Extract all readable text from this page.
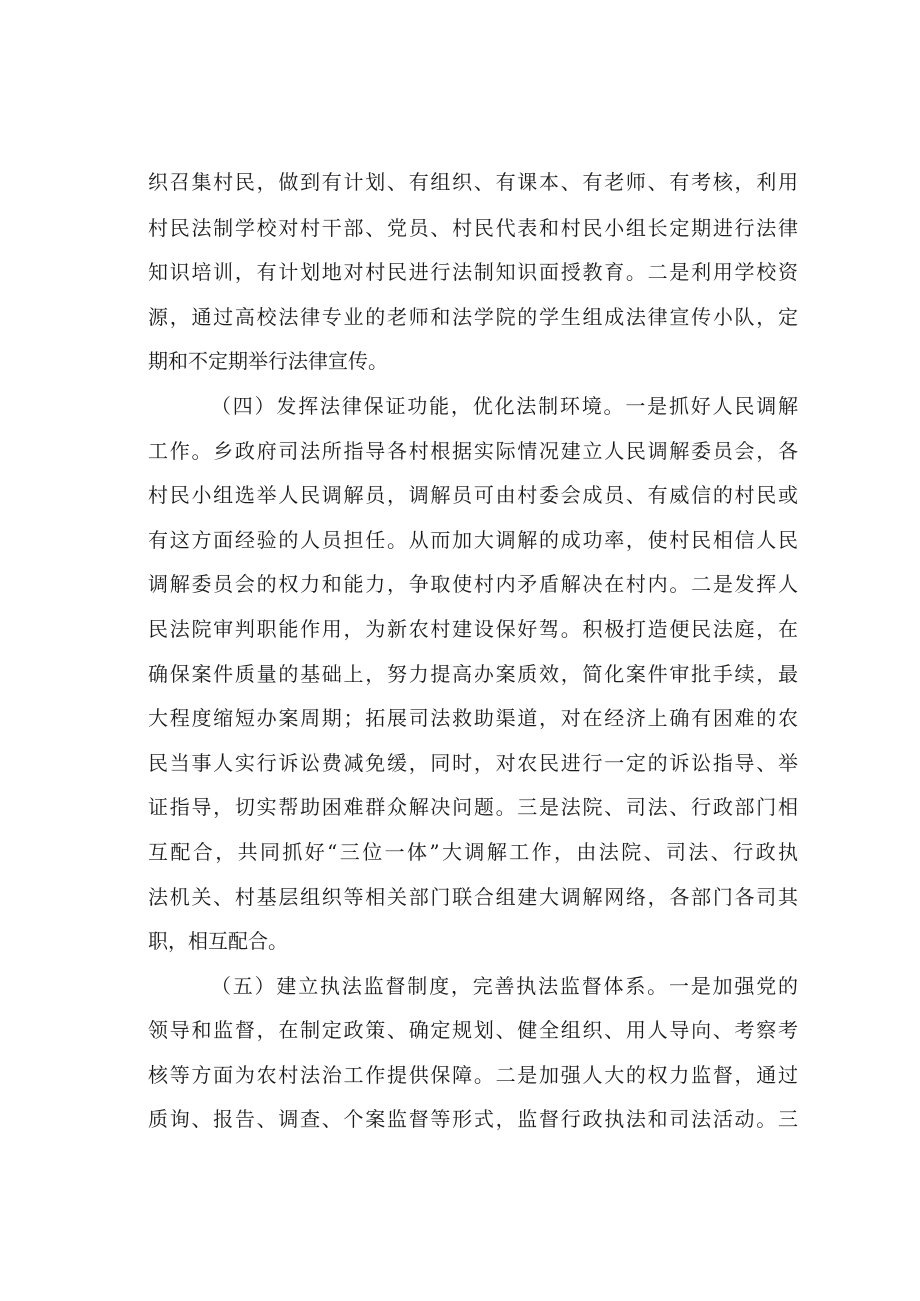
织召集村民，做到有计划、有组织、有课本、有老师、有考核，利用
村民法制学校对村干部、党员、村民代表和村民小组长定期进行法律
知识培训，有计划地对村民进行法制知识面授教育。二是利用学校资
源，通过高校法律专业的老师和法学院的学生组成法律宣传小队，定
期和不定期举行法律宣传。
（四）发挥法律保证功能，优化法制环境。一是抓好人民调解
工作。乡政府司法所指导各村根据实际情况建立人民调解委员会，各
村民小组选举人民调解员，调解员可由村委会成员、有威信的村民或
有这方面经验的人员担任。从而加大调解的成功率，使村民相信人民
调解委员会的权力和能力，争取使村内矛盾解决在村内。二是发挥人
民法院审判职能作用，为新农村建设保好驾。积极打造便民法庭，在
确保案件质量的基础上，努力提高办案质效，简化案件审批手续，最
大程度缩短办案周期；拓展司法救助渠道，对在经济上确有困难的农
民当事人实行诉讼费减免缓，同时，对农民进行一定的诉讼指导、举
证指导，切实帮助困难群众解决问题。三是法院、司法、行政部门相
互配合，共同抓好“三位一体”大调解工作，由法院、司法、行政执
法机关、村基层组织等相关部门联合组建大调解网络，各部门各司其
职，相互配合。
（五）建立执法监督制度，完善执法监督体系。一是加强党的
领导和监督，在制定政策、确定规划、健全组织、用人导向、考察考
核等方面为农村法治工作提供保障。二是加强人大的权力监督，通过
质询、报告、调查、个案监督等形式，监督行政执法和司法活动。三
